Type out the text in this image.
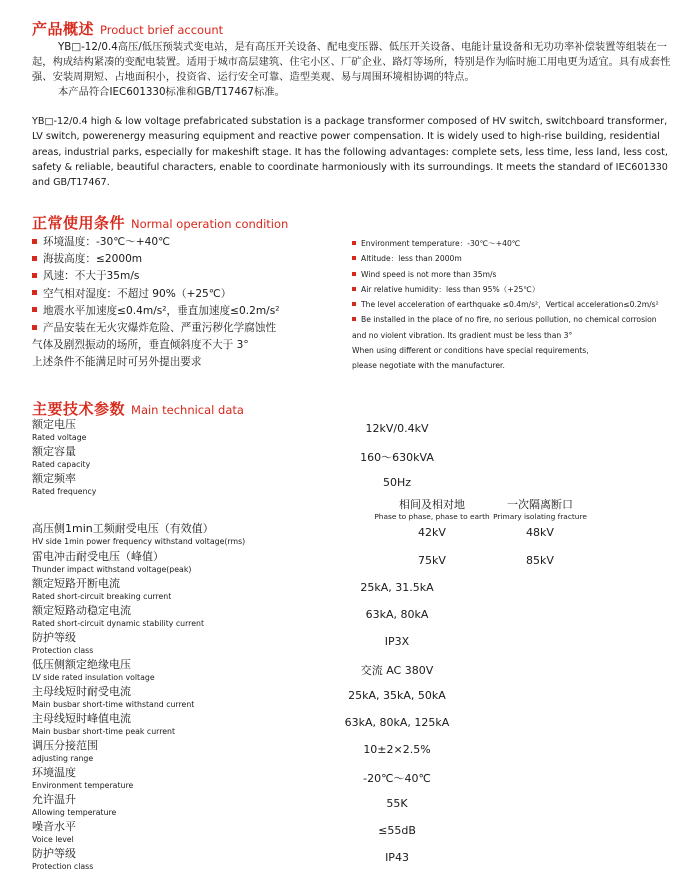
产品概述 Product brief account
YB□-12/0.4高压/低压预装式变电站，是有高压开关设备、配电变压器、低压开关设备、电能计量设备和无功功率补偿装置等组装在一起，构成结构紧凑的变配电装置。适用于城市高层建筑、住宅小区、厂矿企业、路灯等场所，特别是作为临时施工用电更为适宜。具有成套性强、安装周期短、占地面积小，投资省、运行安全可靠、造型美观、易与周围环境相协调的特点。
本产品符合IEC601330标准和GB/T17467标准。
YB□-12/0.4 high & low voltage prefabricated substation is a package transformer composed of HV switch, switchboard transformer, LV switch, powerenergy measuring equipment and reactive power compensation. It is widely used to high-rise building, residential areas, industrial parks, especially for makeshift stage. It has the following advantages: complete sets, less time, less land, less cost, safety & reliable, beautiful characters, enable to coordinate harmoniously with its surroundings. It meets the standard of IEC601330 and GB/T17467.
正常使用条件 Normal operation condition
环境温度：-30℃～+40℃
海拔高度：≤2000m
风速：不大于35m/s
空气相对湿度：不超过 90%（+25℃）
地震水平加速度≤0.4m/s²，垂直加速度≤0.2m/s²
产品安装在无火灾爆炸危险、严重污秽化学腐蚀性
气体及剧烈振动的场所，垂直倾斜度不大于 3°
上述条件不能满足时可另外提出要求
Environment temperature：-30℃～+40℃
Altitude：less than 2000m
Wind speed is not more than 35m/s
Air relative humidity：less than 95%（+25℃）
The level acceleration of earthquake ≤0.4m/s²，Vertical acceleration≤0.2m/s²
Be installed in the place of no fire, no serious pollution, no chemical corrosion
and no violent vibration. Its gradient must be less than 3°
When using different or conditions have special requirements,
please negotiate with the manufacturer.
主要技术参数 Main technical data
额定电压
Rated voltage
12kV/0.4kV
额定容量
Rated capacity
160～630kVA
额定频率
Rated frequency
50Hz
相间及相对地
Phase to phase, phase to earth
一次隔离断口
Primary isolating fracture
高压侧1min工频耐受电压（有效值）
HV side 1min power frequency withstand voltage(rms)
42kV	48kV
雷电冲击耐受电压（峰值）
Thunder impact withstand voltage(peak)
75kV	85kV
额定短路开断电流
Rated short-circuit breaking current
25kA, 31.5kA
额定短路动稳定电流
Rated short-circuit dynamic stability current
63kA, 80kA
防护等级
Protection class
IP3X
低压侧额定绝缘电压
LV side rated insulation voltage
交流 AC 380V
主母线短时耐受电流
Main busbar short-time withstand current
25kA, 35kA, 50kA
主母线短时峰值电流
Main busbar short-time peak current
63kA, 80kA, 125kA
调压分接范围
adjusting range
10±2×2.5%
环境温度
Environment temperature
-20℃～40℃
允许温升
Allowing temperature
55K
噪音水平
Voice level
≤55dB
防护等级
Protection class
IP43
